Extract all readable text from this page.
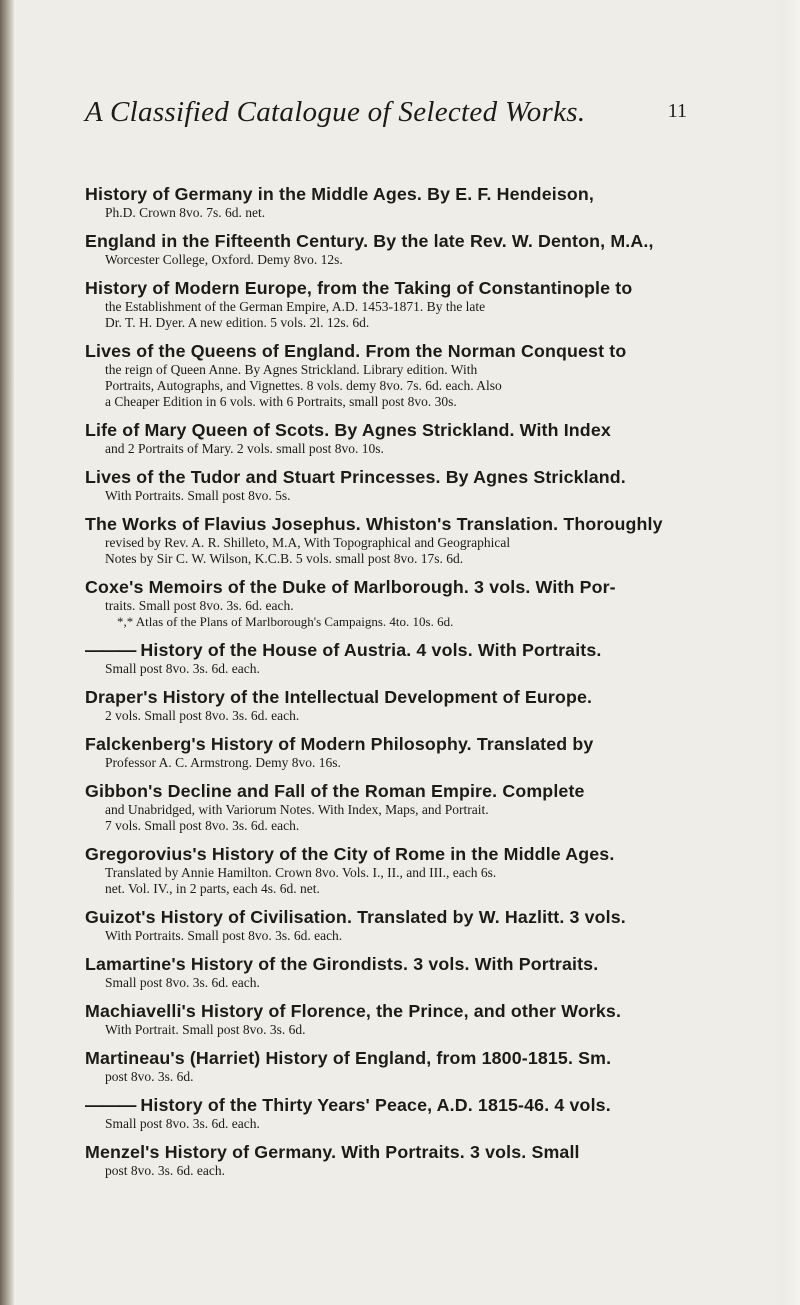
A Classified Catalogue of Selected Works.	11
History of Germany in the Middle Ages. By E. F. Hendeison,
Ph.D. Crown 8vo. 7s. 6d. net.
England in the Fifteenth Century. By the late Rev. W. Denton, M.A.,
Worcester College, Oxford. Demy 8vo. 12s.
History of Modern Europe, from the Taking of Constantinople to
the Establishment of the German Empire, A.D. 1453-1871. By the late
Dr. T. H. Dyer. A new edition. 5 vols. 2l. 12s. 6d.
Lives of the Queens of England. From the Norman Conquest to
the reign of Queen Anne. By Agnes Strickland. Library edition. With
Portraits, Autographs, and Vignettes. 8 vols. demy 8vo. 7s. 6d. each. Also
a Cheaper Edition in 6 vols. with 6 Portraits, small post 8vo. 30s.
Life of Mary Queen of Scots. By Agnes Strickland. With Index
and 2 Portraits of Mary. 2 vols. small post 8vo. 10s.
Lives of the Tudor and Stuart Princesses. By Agnes Strickland.
With Portraits. Small post 8vo. 5s.
The Works of Flavius Josephus. Whiston's Translation. Thoroughly
revised by Rev. A. R. Shilleto, M.A, With Topographical and Geographical
Notes by Sir C. W. Wilson, K.C.B. 5 vols. small post 8vo. 17s. 6d.
Coxe's Memoirs of the Duke of Marlborough. 3 vols. With Por-
traits. Small post 8vo. 3s. 6d. each.
*,* Atlas of the Plans of Marlborough's Campaigns. 4to. 10s. 6d.
——— History of the House of Austria. 4 vols. With Portraits.
Small post 8vo. 3s. 6d. each.
Draper's History of the Intellectual Development of Europe.
2 vols. Small post 8vo. 3s. 6d. each.
Falckenberg's History of Modern Philosophy. Translated by
Professor A. C. Armstrong. Demy 8vo. 16s.
Gibbon's Decline and Fall of the Roman Empire. Complete
and Unabridged, with Variorum Notes. With Index, Maps, and Portrait.
7 vols. Small post 8vo. 3s. 6d. each.
Gregorovius's History of the City of Rome in the Middle Ages.
Translated by Annie Hamilton. Crown 8vo. Vols. I., II., and III., each 6s.
net. Vol. IV., in 2 parts, each 4s. 6d. net.
Guizot's History of Civilisation. Translated by W. Hazlitt. 3 vols.
With Portraits. Small post 8vo. 3s. 6d. each.
Lamartine's History of the Girondists. 3 vols. With Portraits.
Small post 8vo. 3s. 6d. each.
Machiavelli's History of Florence, the Prince, and other Works.
With Portrait. Small post 8vo. 3s. 6d.
Martineau's (Harriet) History of England, from 1800-1815. Sm.
post 8vo. 3s. 6d.
——— History of the Thirty Years' Peace, A.D. 1815-46. 4 vols.
Small post 8vo. 3s. 6d. each.
Menzel's History of Germany. With Portraits. 3 vols. Small
post 8vo. 3s. 6d. each.
